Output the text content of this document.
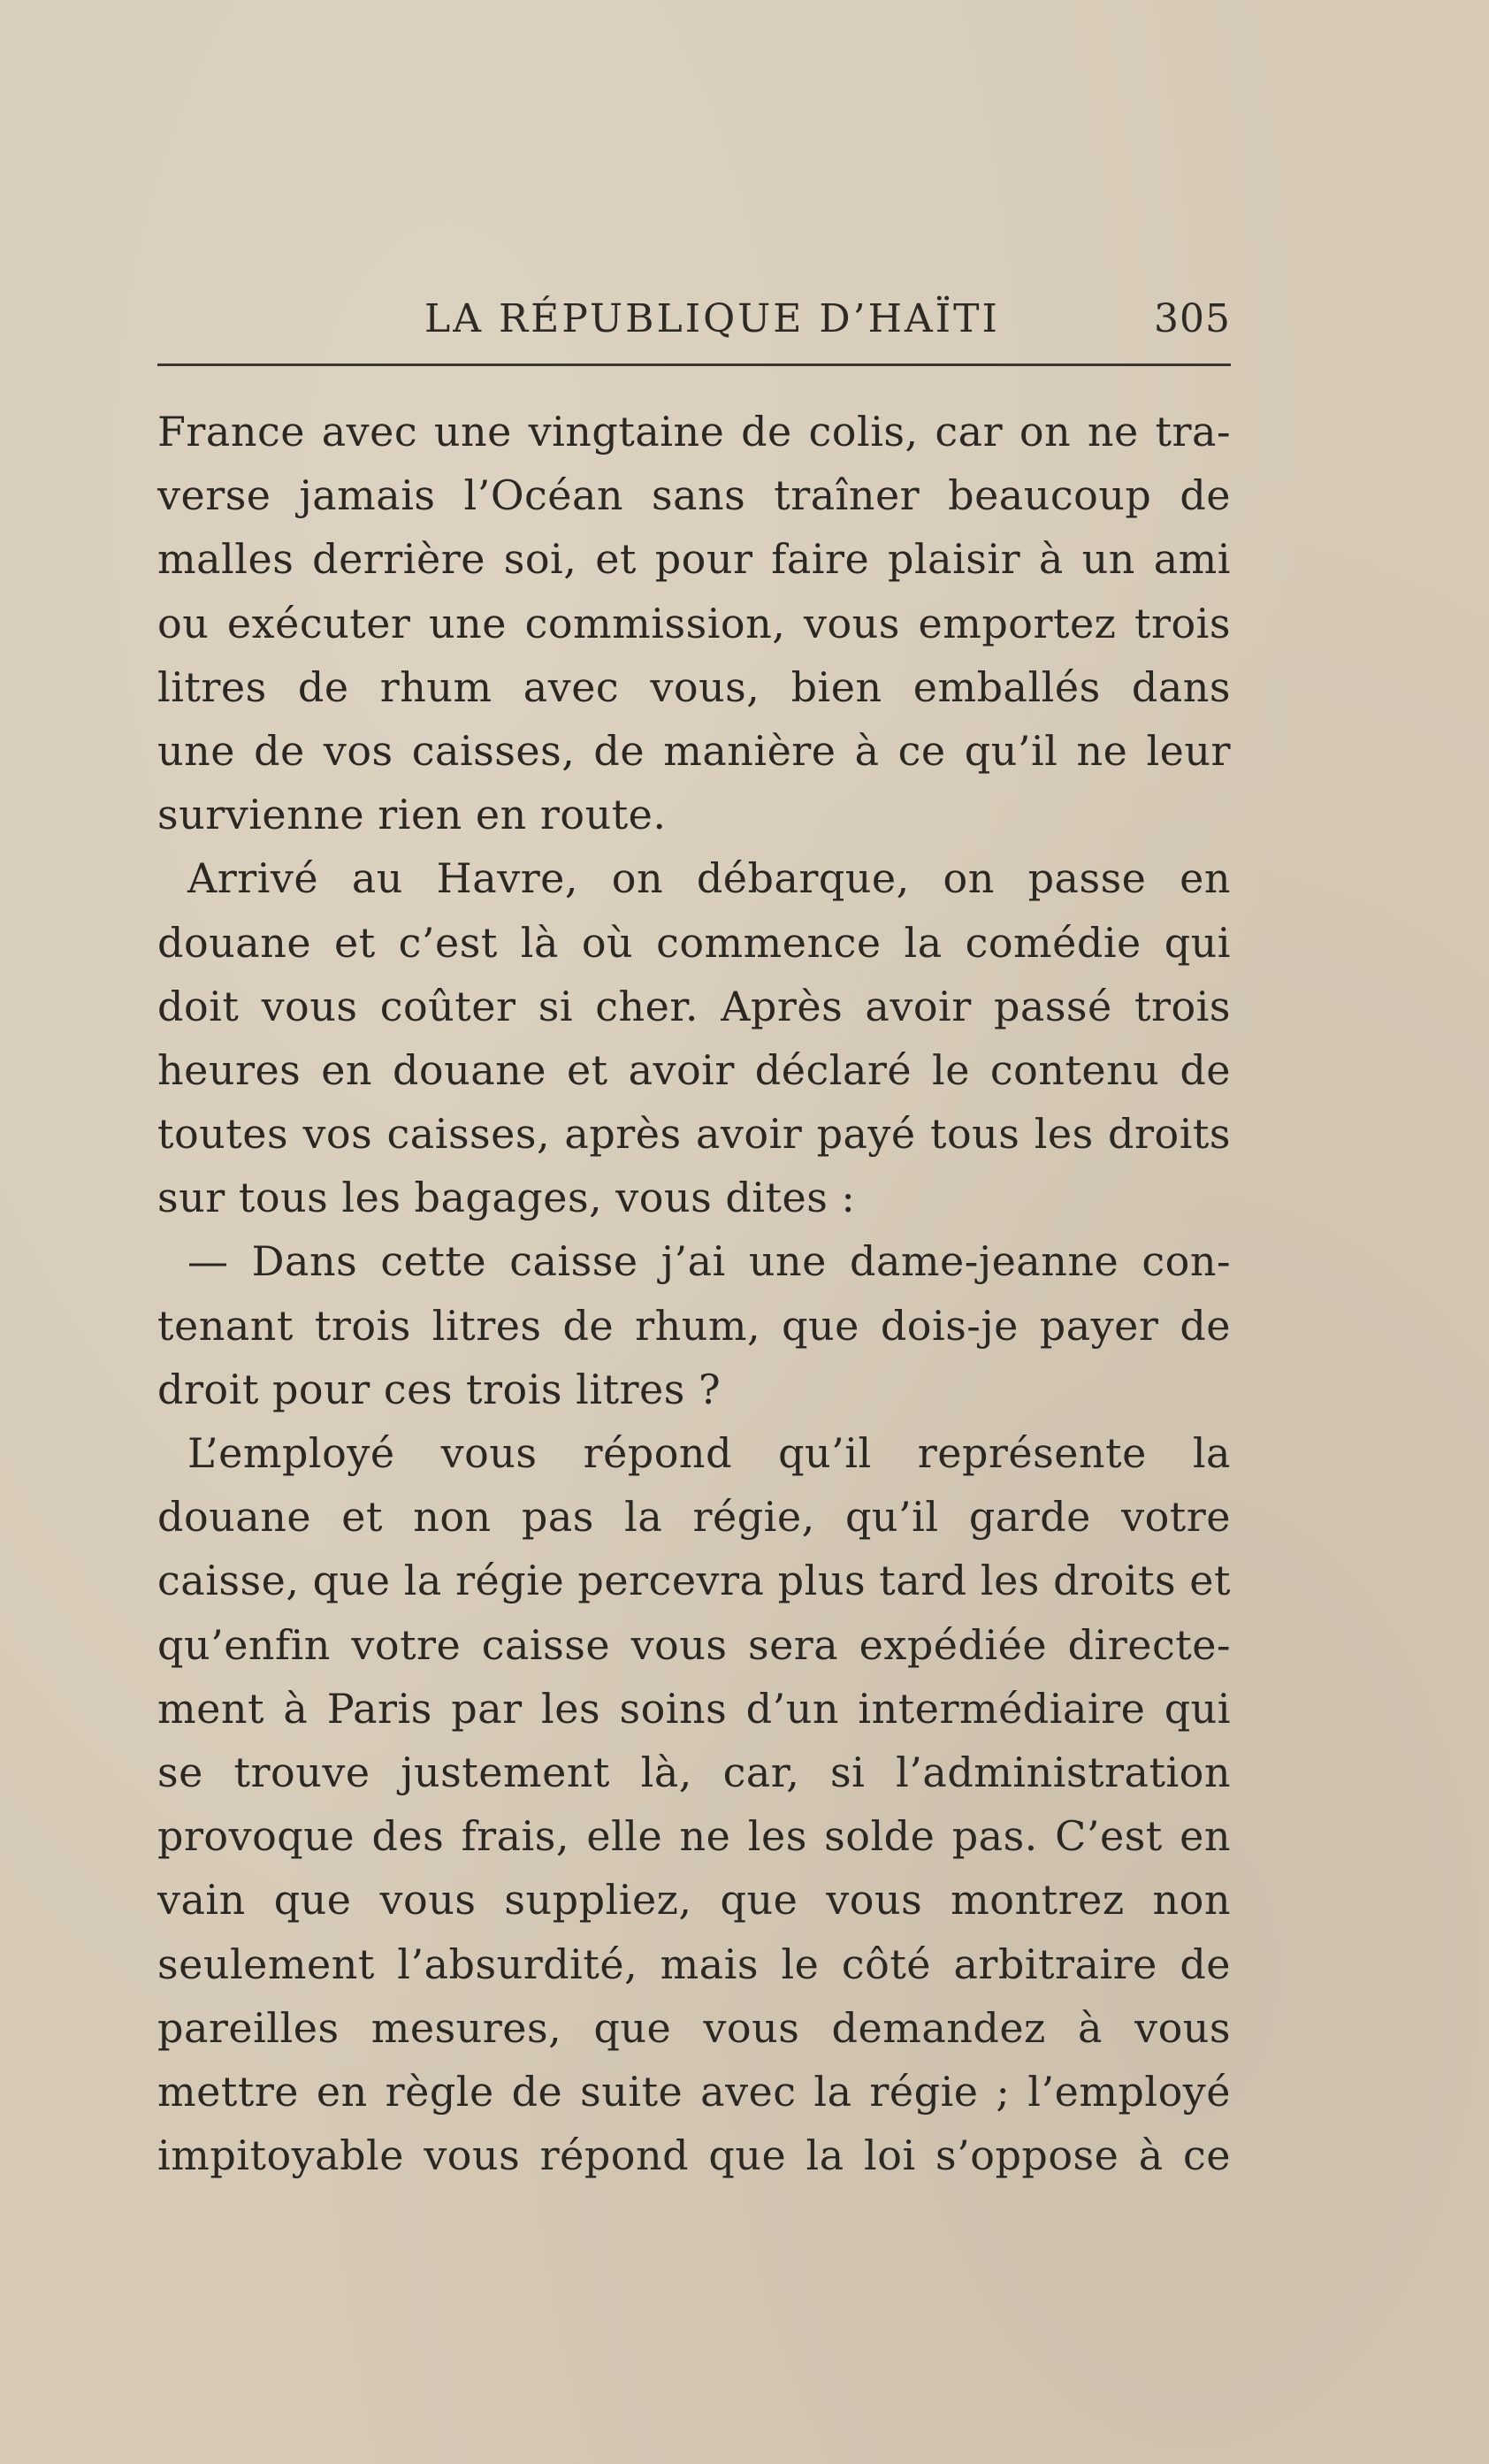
LA RÉPUBLIQUE D’HAÏTI	305
France avec une vingtaine de colis, car on ne tra-
verse jamais l’Océan sans traîner beaucoup de
malles derrière soi, et pour faire plaisir à un ami
ou exécuter une commission, vous emportez trois
litres de rhum avec vous, bien emballés dans
une de vos caisses, de manière à ce qu’il ne leur
survienne rien en route.
Arrivé au Havre, on débarque, on passe en
douane et c’est là où commence la comédie qui
doit vous coûter si cher. Après avoir passé trois
heures en douane et avoir déclaré le contenu de
toutes vos caisses, après avoir payé tous les droits
sur tous les bagages, vous dites :
— Dans cette caisse j’ai une dame-jeanne con-
tenant trois litres de rhum, que dois-je payer de
droit pour ces trois litres ?
L’employé vous répond qu’il représente la
douane et non pas la régie, qu’il garde votre
caisse, que la régie percevra plus tard les droits et
qu’enfin votre caisse vous sera expédiée directe-
ment à Paris par les soins d’un intermédiaire qui
se trouve justement là, car, si l’administration
provoque des frais, elle ne les solde pas. C’est en
vain que vous suppliez, que vous montrez non
seulement l’absurdité, mais le côté arbitraire de
pareilles mesures, que vous demandez à vous
mettre en règle de suite avec la régie ; l’employé
impitoyable vous répond que la loi s’oppose à ce
